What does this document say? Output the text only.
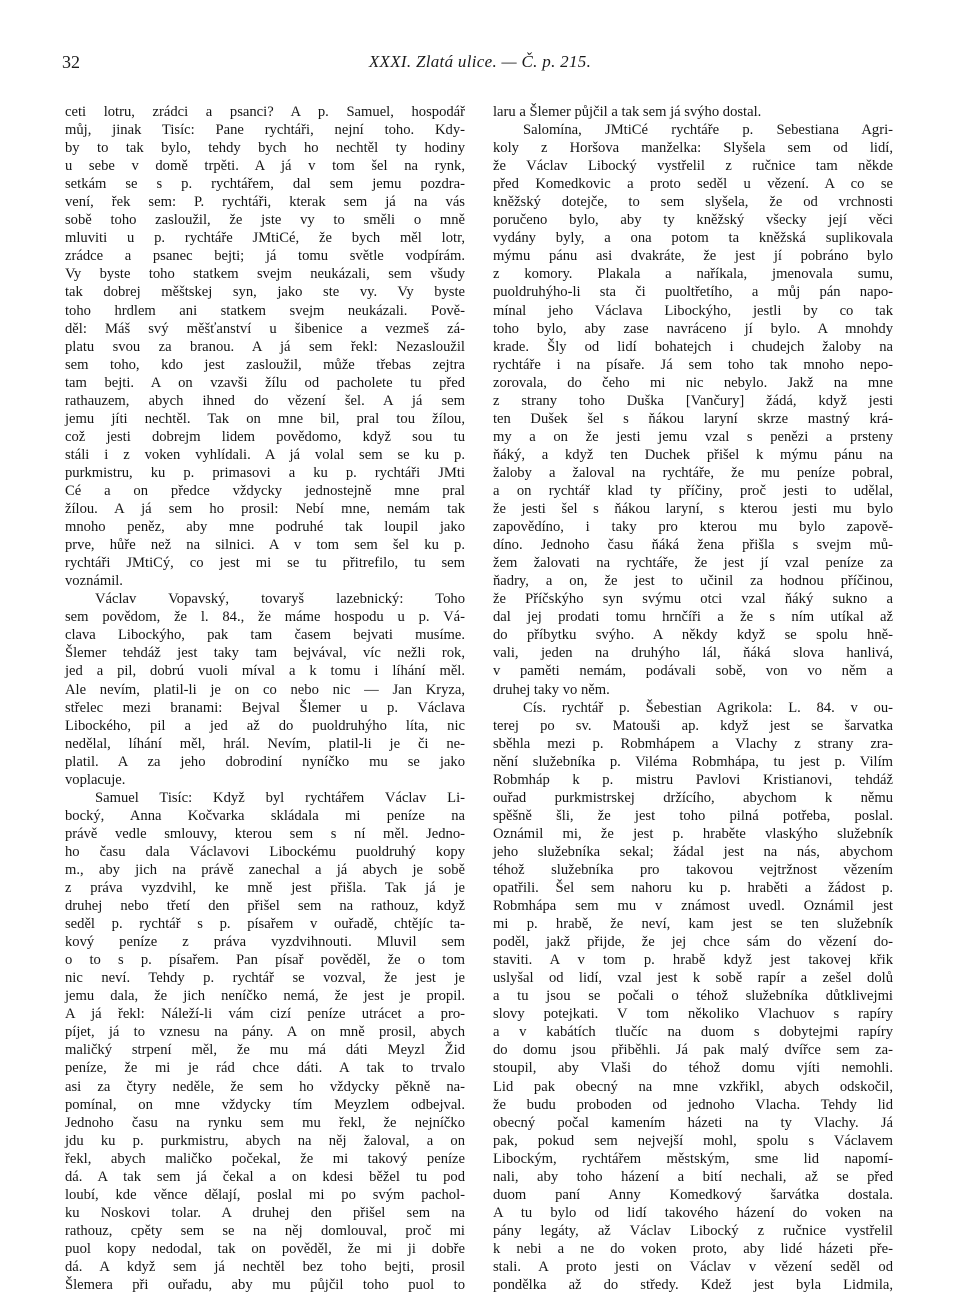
32	XXXI. Zlatá ulice. — Č. p. 215.
ceti lotru, zrádci a psanci? A p. Samuel, hospodář
můj, jinak Tisíc: Pane rychtáři, nejní toho. Kdy-
by to tak bylo, tehdy bych ho nechtěl ty hodiny
u sebe v domě trpěti. A já v tom šel na rynk,
setkám se s p. rychtářem, dal sem jemu pozdra-
vení, řek sem: P. rychtáři, kterak sem já na vás
sobě toho zasloužil, že jste vy to směli o mně
mluviti u p. rychtáře JMtiCé, že bych měl lotr,
zrádce a psanec bejti; já tomu světle vodpírám.
Vy byste toho statkem svejm neukázali, sem všudy
tak dobrej měštskej syn, jako ste vy. Vy byste
toho hrdlem ani statkem svejm neukázali. Pově-
děl: Máš svý měšťanství u šibenice a vezmeš zá-
platu svou za branou. A já sem řekl: Nezasloužil
sem toho, kdo jest zasloužil, může třebas zejtra
tam bejti. A on vzavši žílu od pacholete tu před
rathauzem, abych ihned do vězení šel. A já sem
jemu jíti nechtěl. Tak on mne bil, pral tou žílou,
což jesti dobrejm lidem povědomo, když sou tu
stáli i z voken vyhlídali. A já volal sem se ku p.
purkmistru, ku p. primasovi a ku p. rychtáři JMti
Cé a on předce vždycky jednostejně mne pral
žílou. A já sem ho prosil: Nebí mne, nemám tak
mnoho peněz, aby mne podruhé tak loupil jako
prve, hůře než na silnici. A v tom sem šel ku p.
rychtáři JMtiCý, co jest mi se tu přitrefilo, tu sem
voznámil.
Václav Vopavský, tovaryš lazebnický: Toho
sem povědom, že l. 84., že máme hospodu u p. Vá-
clava Libockýho, pak tam časem bejvati musíme.
Šlemer tehdáž jest taky tam bejvával, víc nežli rok,
jed a pil, dobrú vuoli míval a k tomu i líhání měl.
Ale nevím, platil-li je on co nebo nic — Jan Kryza,
střelec mezi branami: Bejval Šlemer u p. Václava
Libockého, pil a jed až do puoldruhýho líta, nic
nedělal, líhání měl, hrál. Nevím, platil-li je či ne-
platil. A za jeho dobrodiní nyníčko mu se jako
voplacuje.
Samuel Tisíc: Když byl rychtářem Václav Li-
bocký, Anna Kočvarka skládala mi peníze na
právě vedle smlouvy, kterou sem s ní měl. Jedno-
ho času dala Václavovi Libockému puoldruhý kopy
m., aby jich na právě zanechal a já abych je sobě
z práva vyzdvihl, ke mně jest přišla. Tak já je
druhej nebo třetí den přišel sem na rathouz, když
seděl p. rychtář s p. písařem v ouřadě, chtějíc ta-
kový peníze z práva vyzdvihnouti. Mluvil sem
o to s p. písařem. Pan písař pověděl, že o tom
nic neví. Tehdy p. rychtář se vozval, že jest je
jemu dala, že jich neníčko nemá, že jest je propil.
A já řekl: Náleží-li vám cizí peníze utrácet a pro-
píjet, já to vznesu na pány. A on mně prosil, abych
maličký strpení měl, že mu má dáti Meyzl Žid
peníze, že mi je rád chce dáti. A tak to trvalo
asi za čtyry neděle, že sem ho vždycky pěkně na-
pomínal, on mne vždycky tím Meyzlem odbejval.
Jednoho času na rynku sem mu řekl, že nejníčko
jdu ku p. purkmistru, abych na něj žaloval, a on
řekl, abych maličko počekal, že mi takový peníze
dá. A tak sem já čekal a on kdesi běžel tu pod
loubí, kde věnce dělají, poslal mi po svým pachol-
ku Noskovi tolar. A druhej den přišel sem na
rathouz, cpěty sem se na něj domlouval, proč mi
puol kopy nedodal, tak on pověděl, že mi ji dobře
dá. A když sem já nechtěl bez toho bejti, prosil
Šlemera při ouřadu, aby mu půjčil toho puol to
laru a Šlemer půjčil a tak sem já svýho dostal.
Salomína, JMtiCé rychtáře p. Sebestiana Agri-
koly z Horšova manželka: Slyšela sem od lidí,
že Václav Libocký vystřelil z ručnice tam někde
před Komedkovic a proto seděl u vězení. A co se
kněžský dotejče, to sem slyšela, že od vrchnosti
poručeno bylo, aby ty kněžský všecky její věci
vydány byly, a ona potom ta kněžská suplikovala
mýmu pánu asi dvakráte, že jest jí pobráno bylo
z komory. Plakala a naříkala, jmenovala sumu,
puoldruhýho-li sta či puoltřetího, a můj pán napo-
mínal jeho Václava Libockýho, jestli by co tak
toho bylo, aby zase navráceno jí bylo. A mnohdy
krade. Šly od lidí bohatejch i chudejch žaloby na
rychtáře i na písaře. Já sem toho tak mnoho nepo-
zorovala, do čeho mi nic nebylo. Jakž na mne
z strany toho Duška [Vančury] žádá, když jesti
ten Dušek šel s ňákou laryní skrze mastný krá-
my a on že jesti jemu vzal s penězi a prsteny
ňáký, a když ten Duchek přišel k mýmu pánu na
žaloby a žaloval na rychtáře, že mu peníze pobral,
a on rychtář klad ty příčiny, proč jesti to udělal,
že jesti šel s ňákou laryní, s kterou jesti mu bylo
zapovědíno, i taky pro kterou mu bylo zapově-
díno. Jednoho času ňáká žena přišla s svejm mů-
žem žalovati na rychtáře, že jest jí vzal peníze za
ňadry, a on, že jest to učinil za hodnou příčinou,
že Příčskýho syn svýmu otci vzal ňáký sukno a
dal jej prodati tomu hrnčíři a že s ním utíkal až
do příbytku svýho. A někdy když se spolu hně-
vali, jeden na druhýho lál, ňáká slova hanlivá,
v paměti nemám, podávali sobě, von vo něm a
druhej taky vo něm.
Cís. rychtář p. Šebestian Agrikola: L. 84. v ou-
terej po sv. Matouši ap. když jest se šarvatka
sběhla mezi p. Robmhápem a Vlachy z strany zra-
nění služebníka p. Viléma Robmhápa, tu jest p. Vilím
Robmháp k p. mistru Pavlovi Kristianovi, tehdáž
ouřad purkmistrskej držícího, abychom k němu
spěšně šli, že jest toho pilná potřeba, poslal.
Oznámil mi, že jest p. hraběte vlaskýho služebník
jeho služebníka sekal; žádal jest na nás, abychom
téhož služebníka pro takovou vejtržnost vězením
opatřili. Šel sem nahoru ku p. hraběti a žádost p.
Robmhápa sem mu v známost uvedl. Oznámil jest
mi p. hrabě, že neví, kam jest se ten služebník
poděl, jakž přijde, že jej chce sám do vězení do-
staviti. A v tom p. hrabě když jest takovej křik
uslyšal od lidí, vzal jest k sobě rapír a zešel dolů
a tu jsou se počali o téhož služebníka důtklivejmi
slovy potejkati. V tom několiko Vlachuov s rapíry
a v kabátích tlučíc na duom s dobytejmi rapíry
do domu jsou přiběhli. Já pak malý dvířce sem za-
stoupil, aby Vlaši do téhož domu vjíti nemohli.
Lid pak obecný na mne vzkřikl, abych odskočil,
že budu proboden od jednoho Vlacha. Tehdy lid
obecný počal kamením házeti na ty Vlachy. Já
pak, pokud sem nejvejší mohl, spolu s Václavem
Libockým, rychtářem městským, sme lid napomí-
nali, aby toho házení a bití nechali, až se před
duom paní Anny Komedkový šarvátka dostala.
A tu bylo od lidí takového házení do voken na
pány legáty, až Václav Libocký z ručnice vystřelil
k nebi a ne do voken proto, aby lidé házeti pře-
stali. A proto jesti on Václav v vězení seděl od
pondělka až do středy. Kdež jest byla Lidmila,
